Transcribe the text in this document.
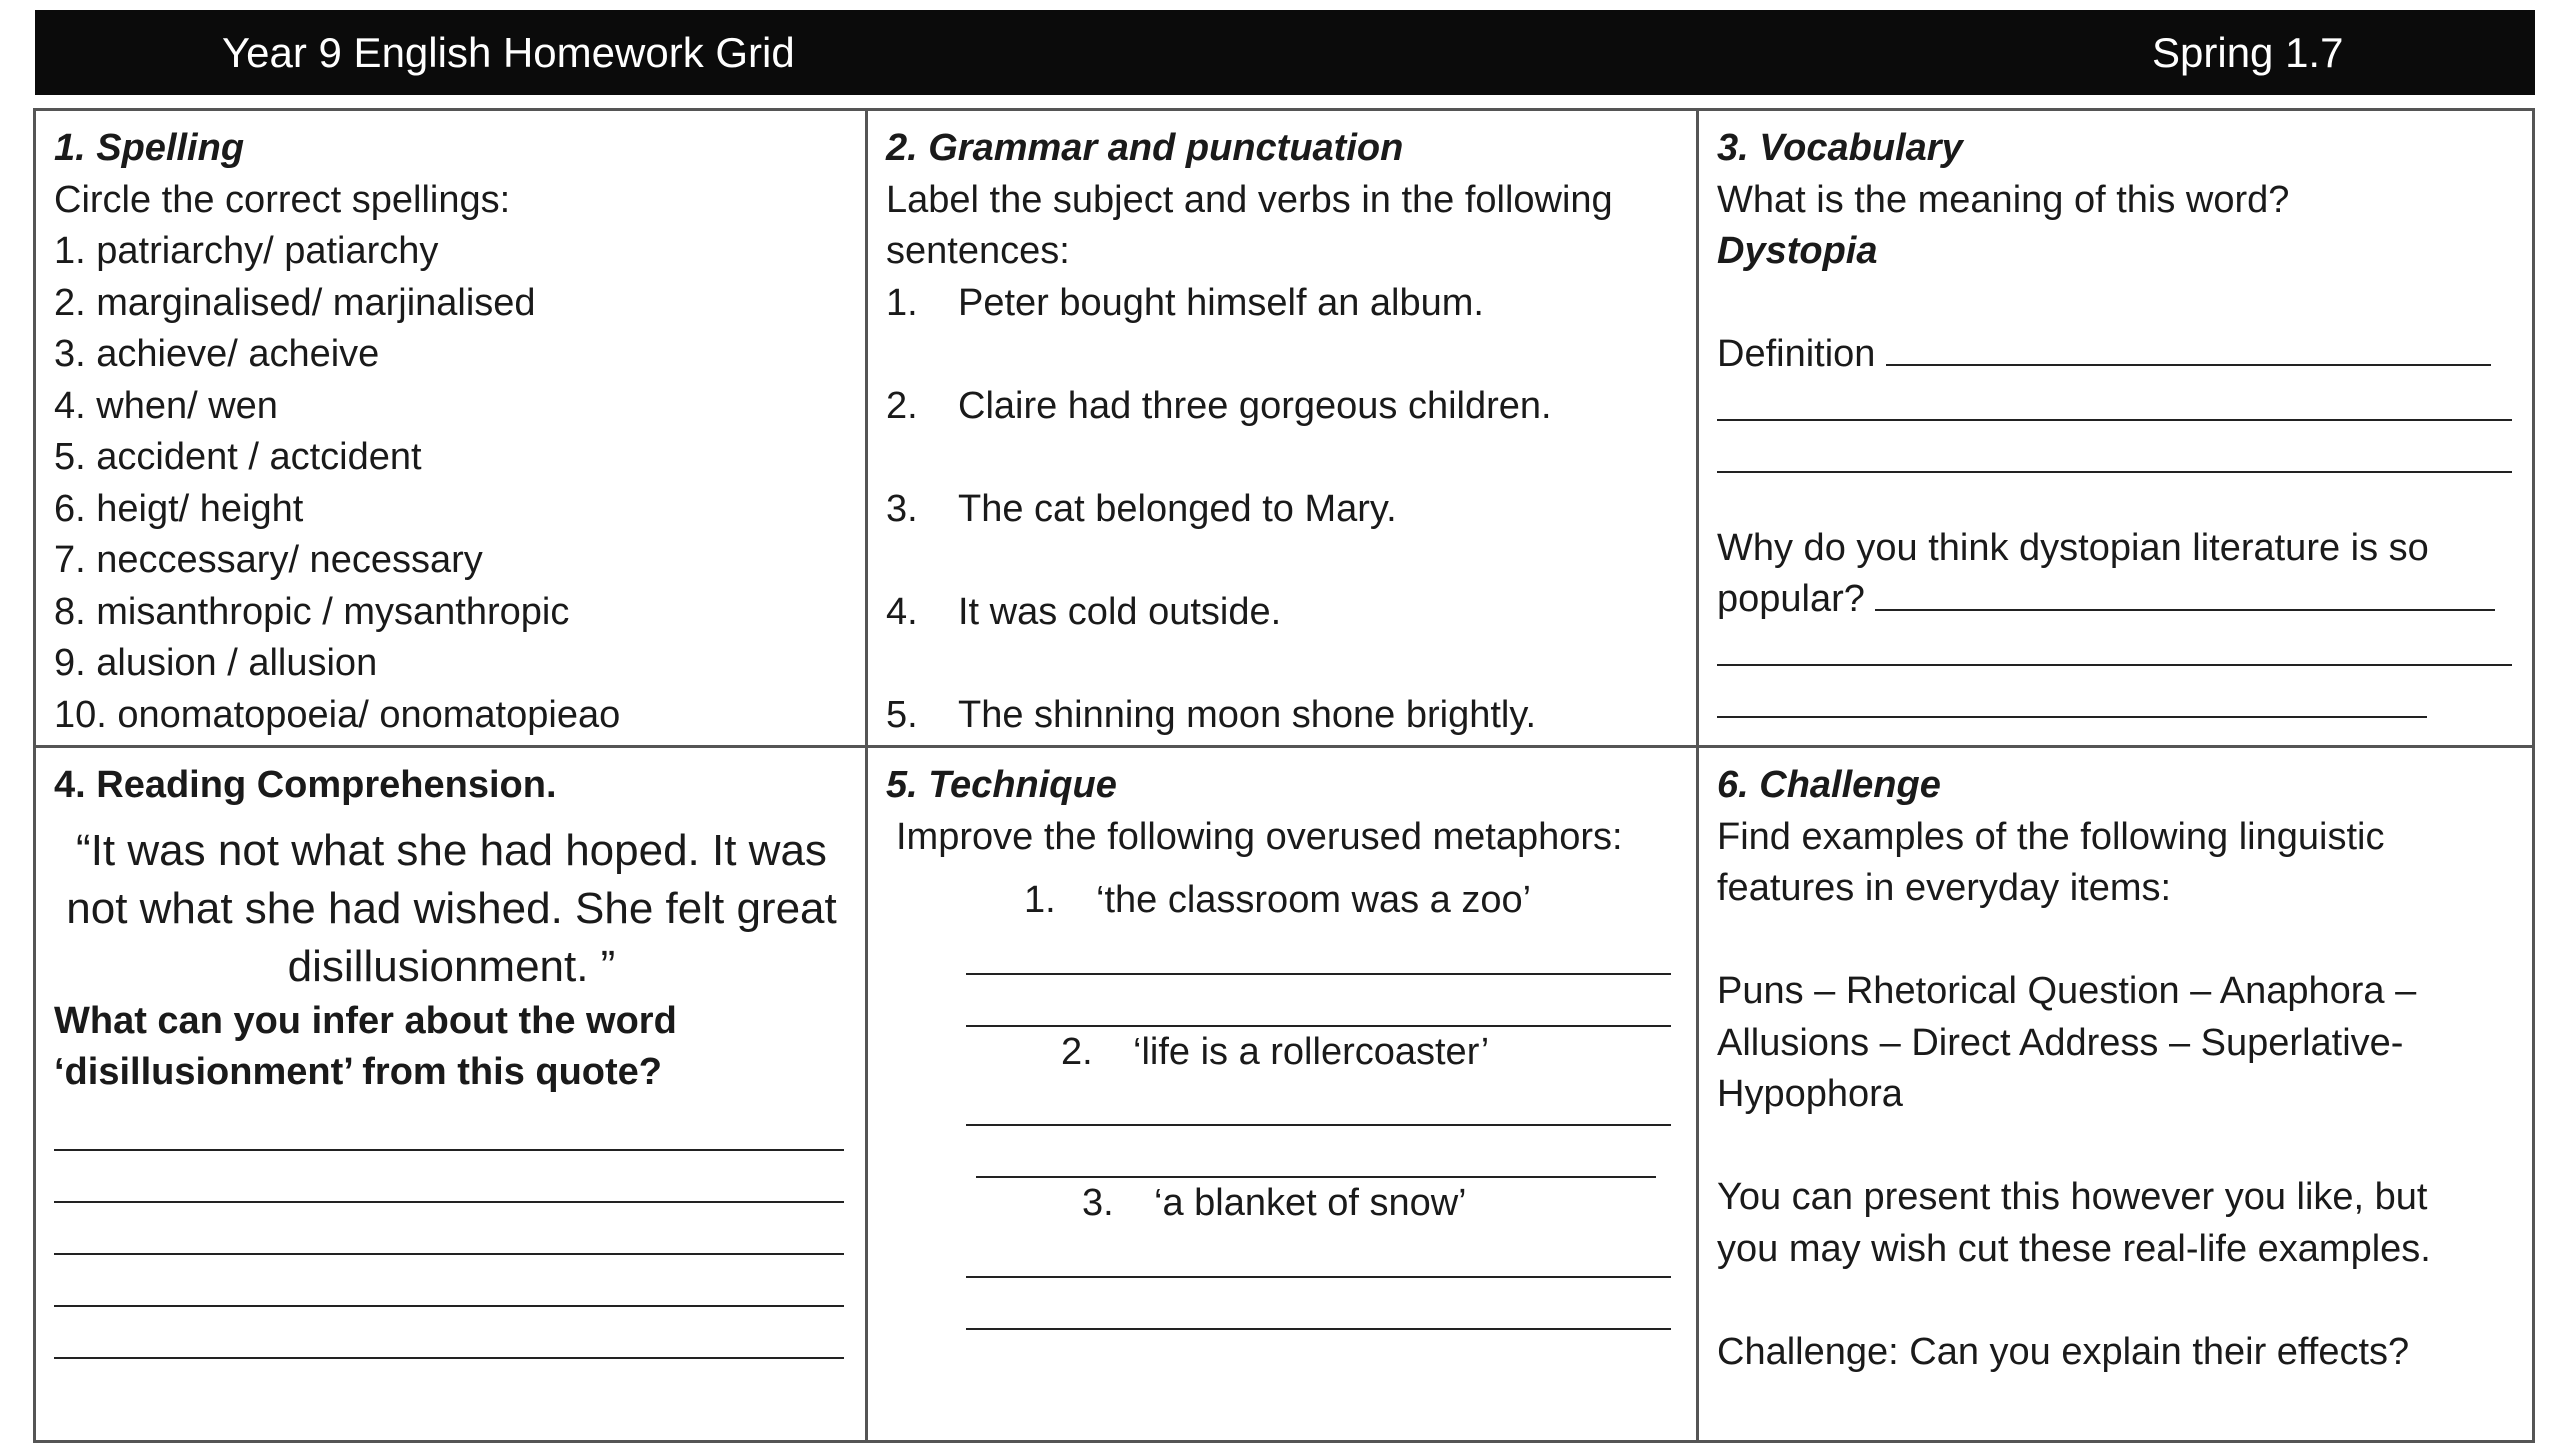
Year 9 English Homework Grid	Spring 1.7
1. Spelling
Circle the correct spellings:
1. patriarchy/ patiarchy
2. marginalised/ marjinalised
3. achieve/ acheive
4. when/ wen
5. accident / actcident
6. heigt/ height
7. neccessary/ necessary
8. misanthropic / mysanthropic
9. alusion / allusion
10. onomatopoeia/ onomatopieao
2. Grammar and punctuation
Label the subject and verbs in the following
sentences:
1.	Peter bought himself an album.
2.	Claire had three gorgeous children.
3.	The cat belonged to Mary.
4.	It was cold outside.
5.	The shinning moon shone brightly.
3. Vocabulary
What is the meaning of this word?
Dystopia
Definition
Why do you think dystopian literature is so
popular?
4. Reading Comprehension.
“It was not what she had hoped. It was not what she had wished. She felt great disillusionment. ”
What can you infer about the word
‘disillusionment’ from this quote?
5. Technique
Improve the following overused metaphors:
1.	‘the classroom was a zoo’
2.	‘life is a rollercoaster’
3.	‘a blanket of snow’
6. Challenge
Find examples of the following linguistic
features in everyday items:
Puns – Rhetorical Question – Anaphora –
Allusions – Direct Address – Superlative-
Hypophora
You can present this however you like, but
you may wish cut these real-life examples.
Challenge: Can you explain their effects?
